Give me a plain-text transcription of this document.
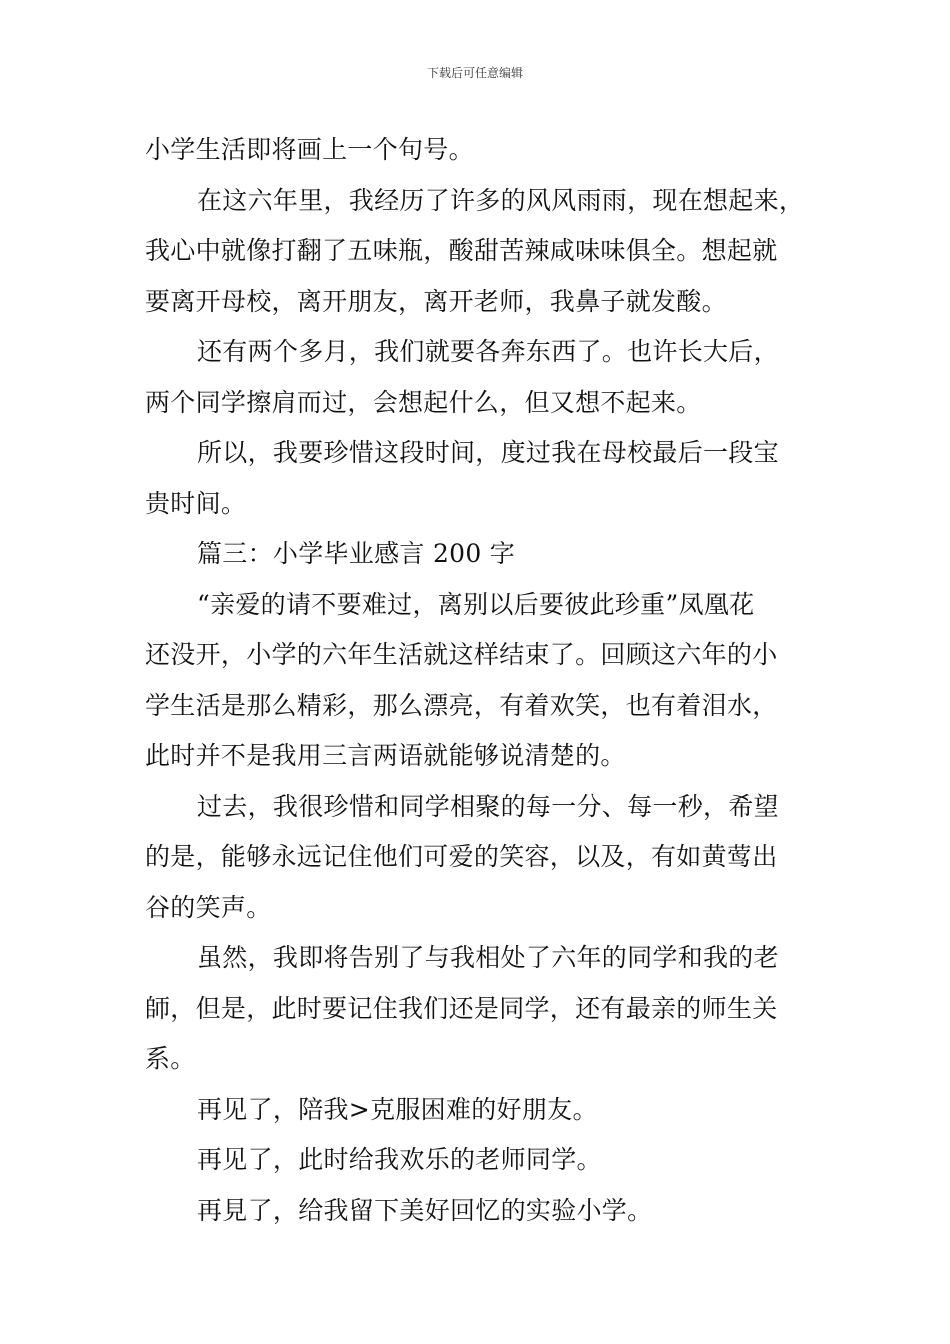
下载后可任意编辑

小学生活即将画上一个句号。

在这六年里，我经历了许多的风风雨雨，现在想起来，

我心中就像打翻了五味瓶，酸甜苦辣咸味味俱全。想起就

要离开母校，离开朋友，离开老师，我鼻子就发酸。

还有两个多月，我们就要各奔东西了。也许长大后，

两个同学擦肩而过，会想起什么，但又想不起来。

所以，我要珍惜这段时间，度过我在母校最后一段宝

贵时间。

篇三：小学毕业感言 200 字

“亲爱的请不要难过，离别以后要彼此珍重”凤凰花

还没开，小学的六年生活就这样结束了。回顾这六年的小

学生活是那么精彩，那么漂亮，有着欢笑，也有着泪水，

此时并不是我用三言两语就能够说清楚的。

过去，我很珍惜和同学相聚的每一分、每一秒，希望

的是，能够永远记住他们可爱的笑容，以及，有如黄莺出

谷的笑声。

虽然，我即将告别了与我相处了六年的同学和我的老

師，但是，此时要记住我们还是同学，还有最亲的师生关

系。

再见了，陪我>克服困难的好朋友。

再见了，此时给我欢乐的老师同学。

再見了，给我留下美好回忆的实验小学。
